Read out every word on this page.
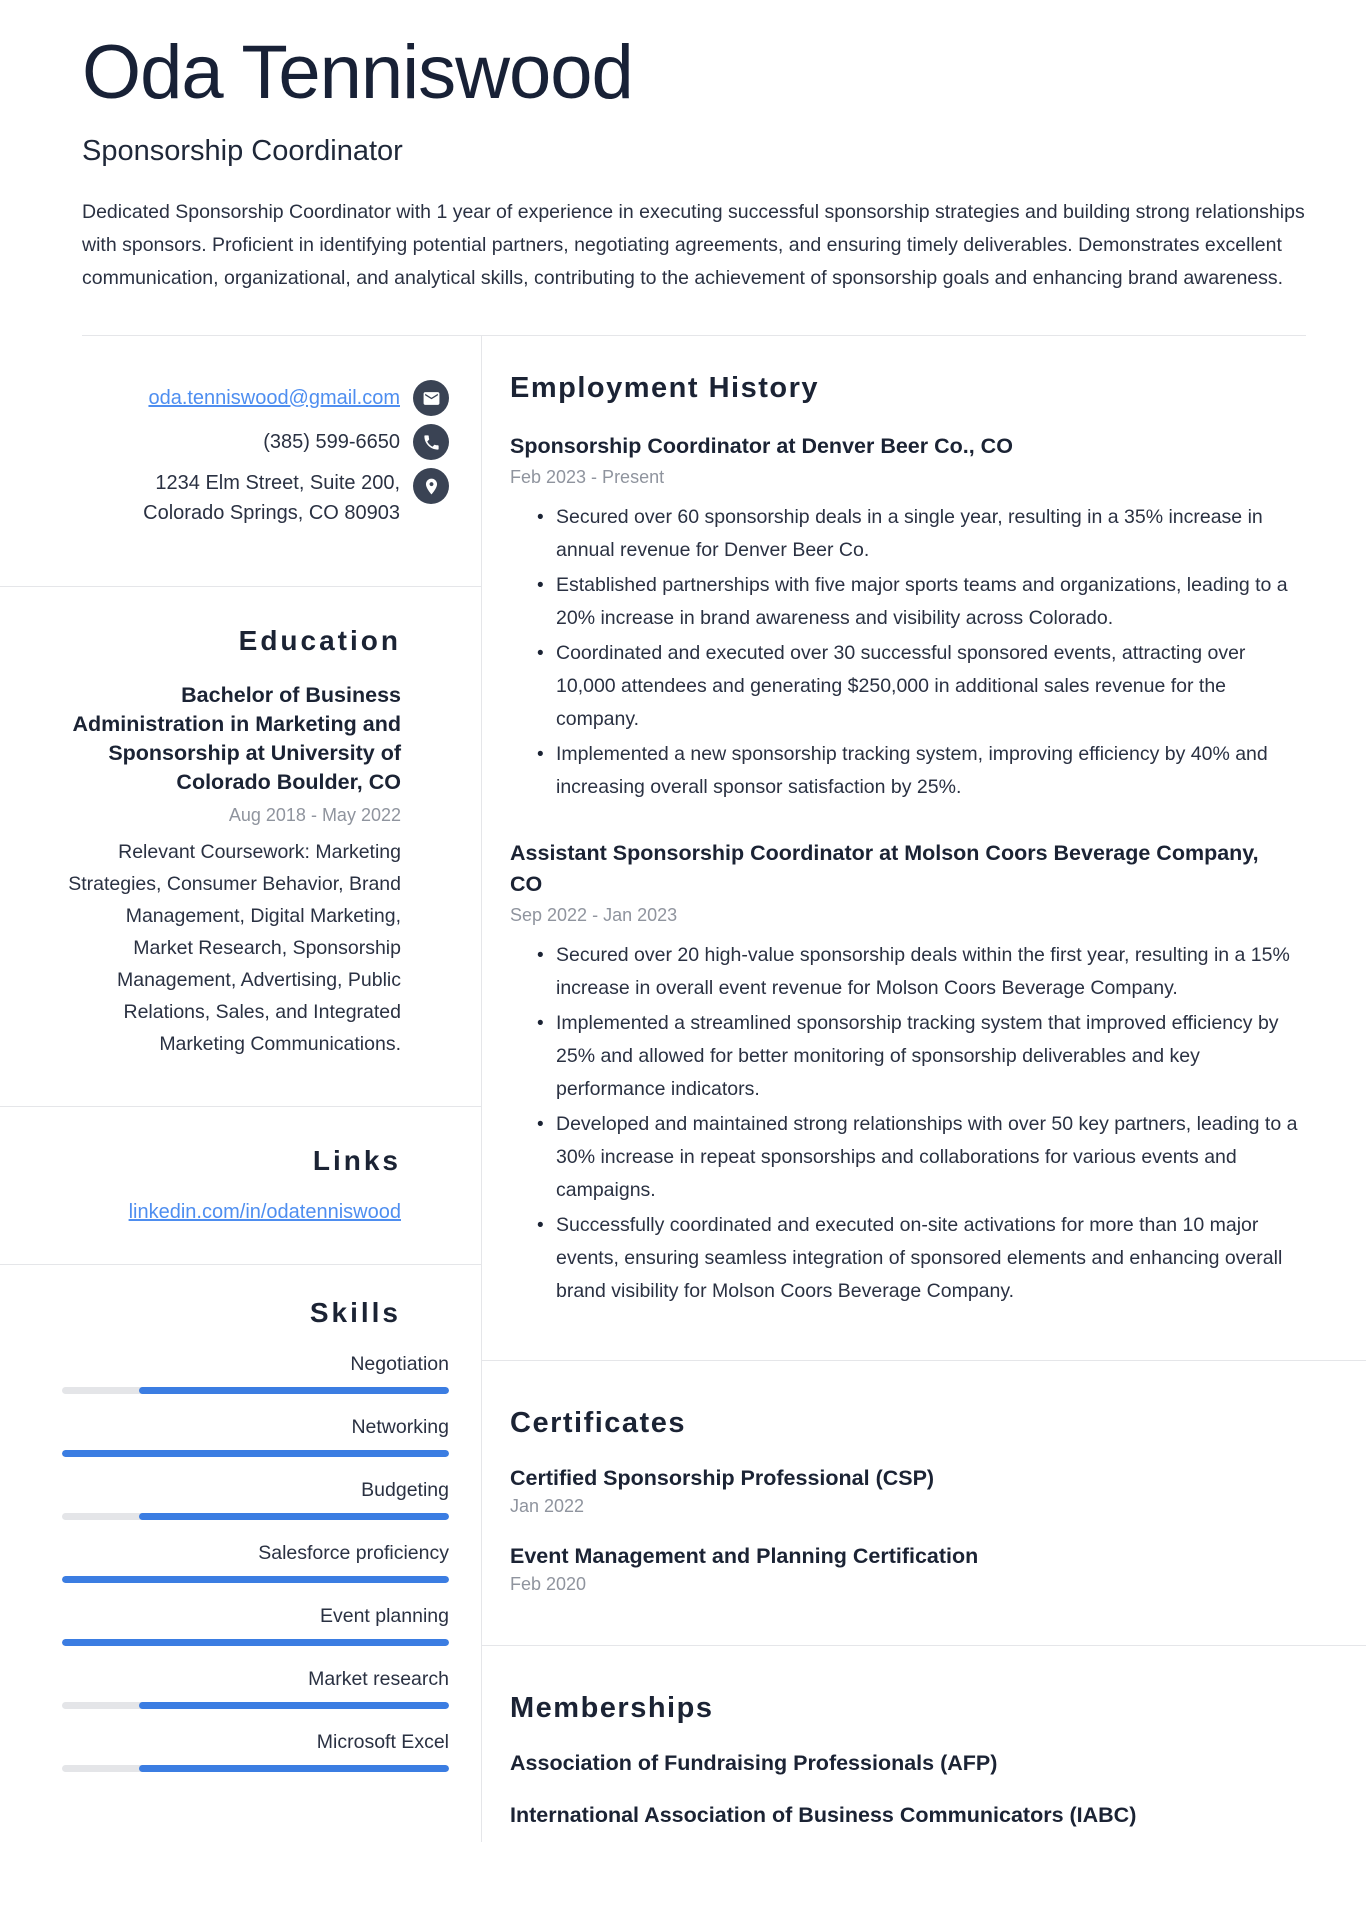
Oda Tenniswood
Sponsorship Coordinator

Dedicated Sponsorship Coordinator with 1 year of experience in executing successful sponsorship strategies and building strong relationships with sponsors. Proficient in identifying potential partners, negotiating agreements, and ensuring timely deliverables. Demonstrates excellent communication, organizational, and analytical skills, contributing to the achievement of sponsorship goals and enhancing brand awareness.

oda.tenniswood@gmail.com
(385) 599-6650
1234 Elm Street, Suite 200,
Colorado Springs, CO 80903
Education
Bachelor of Business Administration in Marketing and Sponsorship at University of Colorado Boulder, CO
Aug 2018 - May 2022
Relevant Coursework: Marketing Strategies, Consumer Behavior, Brand Management, Digital Marketing, Market Research, Sponsorship Management, Advertising, Public Relations, Sales, and Integrated Marketing Communications.
Links
linkedin.com/in/odatenniswood
Skills
Negotiation
Networking
Budgeting
Salesforce proficiency
Event planning
Market research
Microsoft Excel
Employment History
Sponsorship Coordinator at Denver Beer Co., CO
Feb 2023 - Present
• Secured over 60 sponsorship deals in a single year, resulting in a 35% increase in annual revenue for Denver Beer Co.
• Established partnerships with five major sports teams and organizations, leading to a 20% increase in brand awareness and visibility across Colorado.
• Coordinated and executed over 30 successful sponsored events, attracting over 10,000 attendees and generating $250,000 in additional sales revenue for the company.
• Implemented a new sponsorship tracking system, improving efficiency by 40% and increasing overall sponsor satisfaction by 25%.
Assistant Sponsorship Coordinator at Molson Coors Beverage Company, CO
Sep 2022 - Jan 2023
• Secured over 20 high-value sponsorship deals within the first year, resulting in a 15% increase in overall event revenue for Molson Coors Beverage Company.
• Implemented a streamlined sponsorship tracking system that improved efficiency by 25% and allowed for better monitoring of sponsorship deliverables and key performance indicators.
• Developed and maintained strong relationships with over 50 key partners, leading to a 30% increase in repeat sponsorships and collaborations for various events and campaigns.
• Successfully coordinated and executed on-site activations for more than 10 major events, ensuring seamless integration of sponsored elements and enhancing overall brand visibility for Molson Coors Beverage Company.
Certificates
Certified Sponsorship Professional (CSP)
Jan 2022
Event Management and Planning Certification
Feb 2020
Memberships
Association of Fundraising Professionals (AFP)
International Association of Business Communicators (IABC)
